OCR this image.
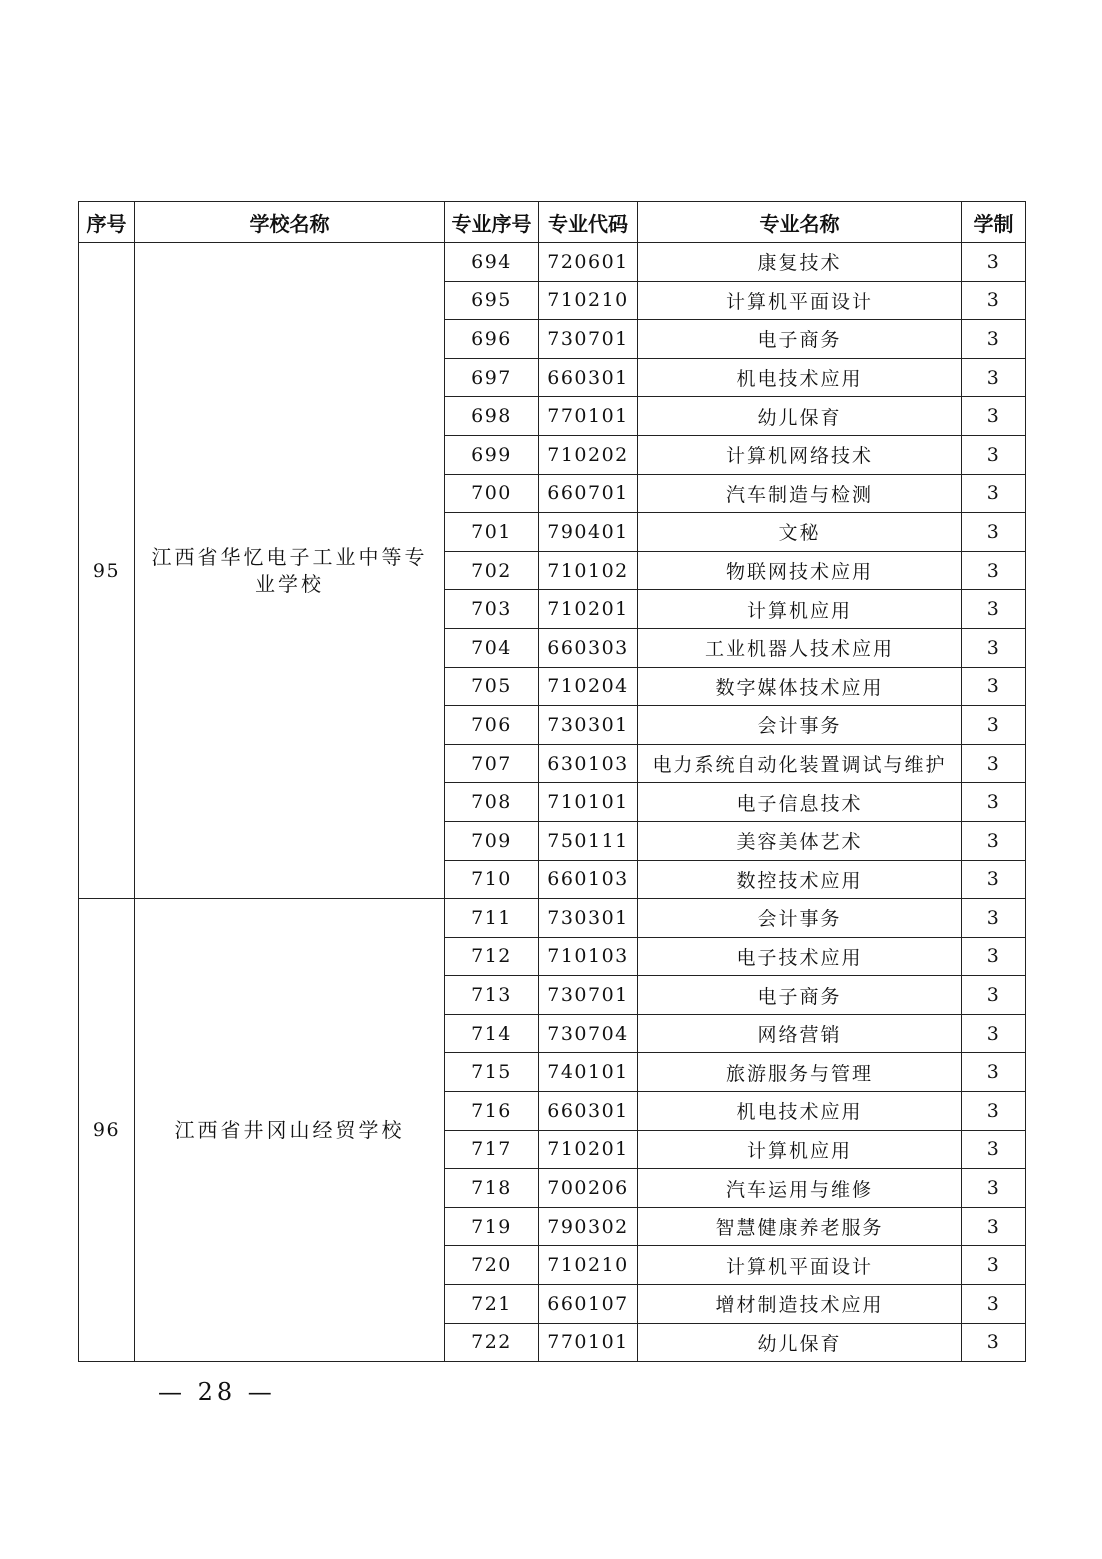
序号	学校名称	专业序号	专业代码	专业名称	学制
95	江西省华忆电子工业中等专业学校	694	720601	康复技术	3
		695	710210	计算机平面设计	3
		696	730701	电子商务	3
		697	660301	机电技术应用	3
		698	770101	幼儿保育	3
		699	710202	计算机网络技术	3
		700	660701	汽车制造与检测	3
		701	790401	文秘	3
		702	710102	物联网技术应用	3
		703	710201	计算机应用	3
		704	660303	工业机器人技术应用	3
		705	710204	数字媒体技术应用	3
		706	730301	会计事务	3
		707	630103	电力系统自动化装置调试与维护	3
		708	710101	电子信息技术	3
		709	750111	美容美体艺术	3
		710	660103	数控技术应用	3
96	江西省井冈山经贸学校	711	730301	会计事务	3
		712	710103	电子技术应用	3
		713	730701	电子商务	3
		714	730704	网络营销	3
		715	740101	旅游服务与管理	3
		716	660301	机电技术应用	3
		717	710201	计算机应用	3
		718	700206	汽车运用与维修	3
		719	790302	智慧健康养老服务	3
		720	710210	计算机平面设计	3
		721	660107	增材制造技术应用	3
		722	770101	幼儿保育	3
— 28 —
